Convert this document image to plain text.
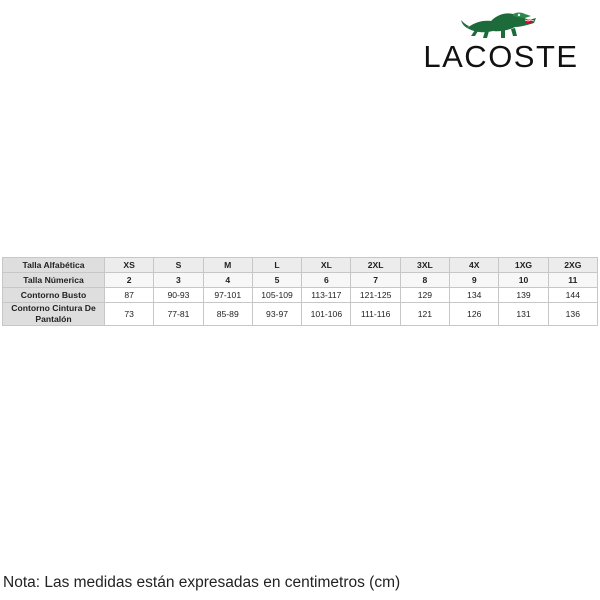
LACOSTE
Talla Alfabética	XS	S	M	L	XL	2XL	3XL	4X	1XG	2XG
Talla Númerica	2	3	4	5	6	7	8	9	10	11
Contorno Busto	87	90-93	97-101	105-109	113-117	121-125	129	134	139	144
Contorno Cintura De Pantalón	73	77-81	85-89	93-97	101-106	111-116	121	126	131	136
Nota: Las medidas están expresadas en centimetros (cm)
